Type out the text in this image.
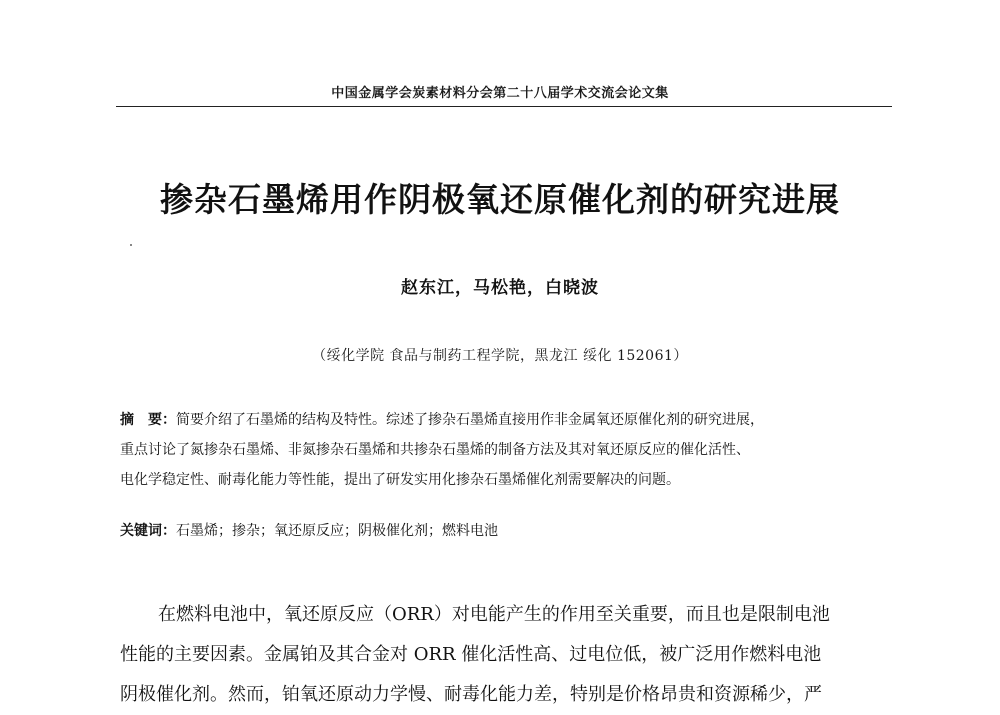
中国金属学会炭素材料分会第二十八届学术交流会论文集
掺杂石墨烯用作阴极氧还原催化剂的研究进展
赵东江，马松艳，白晓波
（绥化学院 食品与制药工程学院，黑龙江 绥化 152061）
摘　要：简要介绍了石墨烯的结构及特性。综述了掺杂石墨烯直接用作非金属氧还原催化剂的研究进展，
重点讨论了氮掺杂石墨烯、非氮掺杂石墨烯和共掺杂石墨烯的制备方法及其对氧还原反应的催化活性、
电化学稳定性、耐毒化能力等性能，提出了研发实用化掺杂石墨烯催化剂需要解决的问题。
关键词：石墨烯；掺杂；氧还原反应；阴极催化剂；燃料电池
在燃料电池中，氧还原反应（ORR）对电能产生的作用至关重要，而且也是限制电池
性能的主要因素。金属铂及其合金对 ORR 催化活性高、过电位低，被广泛用作燃料电池
阴极催化剂。然而，铂氧还原动力学慢、耐毒化能力差，特别是价格昂贵和资源稀少，严
